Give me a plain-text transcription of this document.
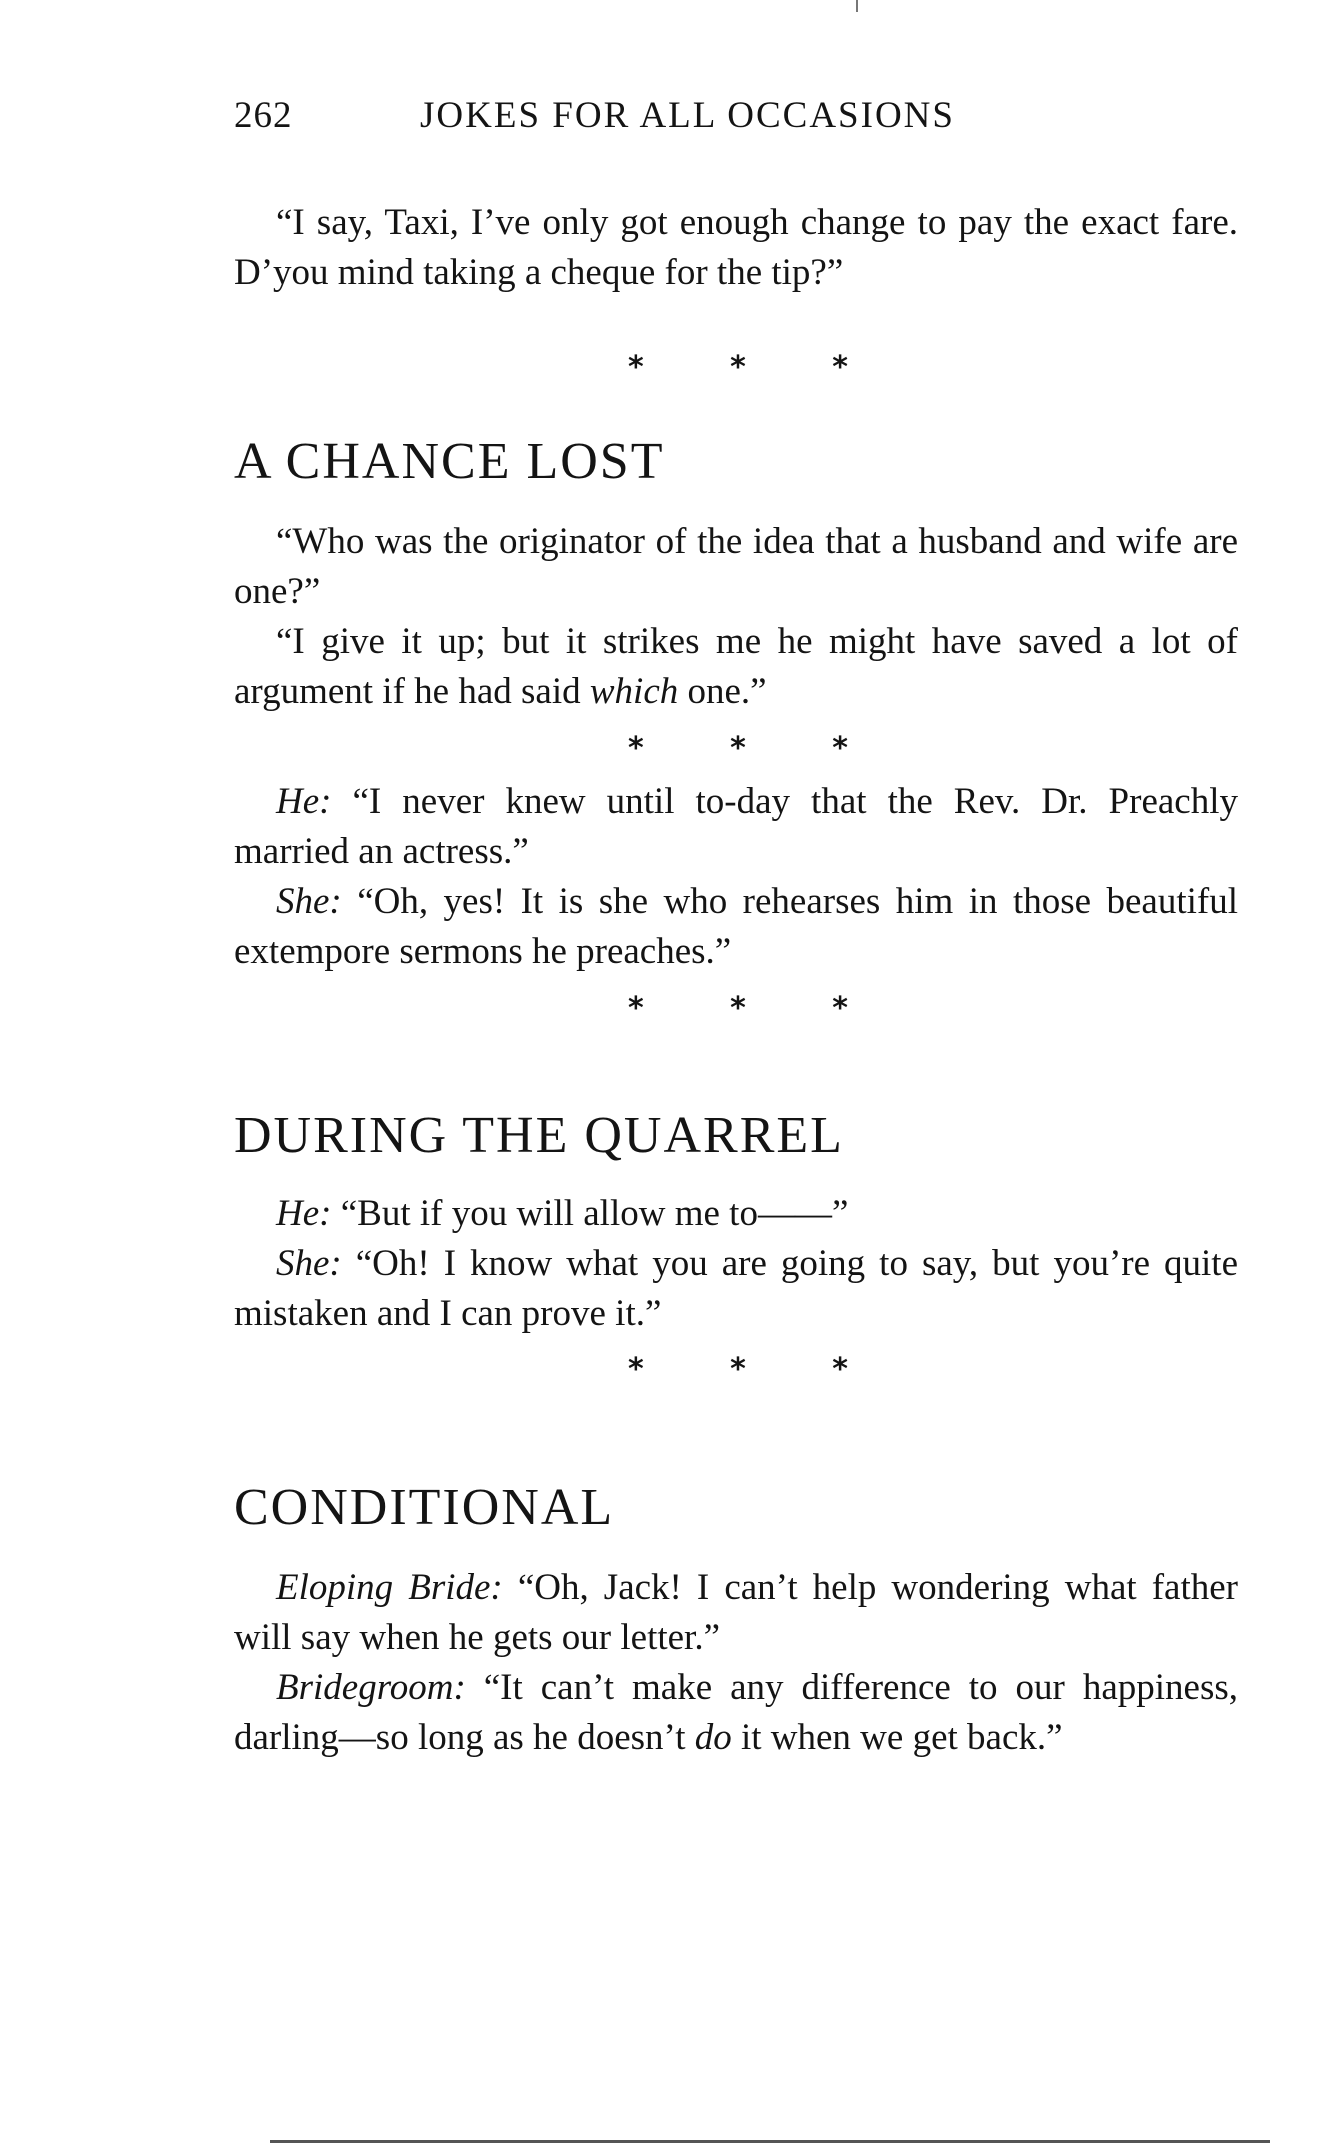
262	JOKES FOR ALL OCCASIONS

“I say, Taxi, I’ve only got enough change to pay the exact fare. D’you mind taking a cheque for the tip?”

*	*	*
A CHANCE LOST

“Who was the originator of the idea that a husband and wife are one?”

“I give it up; but it strikes me he might have saved a lot of argument if he had said which one.”

*	*	*

He: “I never knew until to-day that the Rev. Dr. Preachly married an actress.”

She: “Oh, yes! It is she who rehearses him in those beautiful extempore sermons he preaches.”

*	*	*
DURING THE QUARREL

He: “But if you will allow me to——”

She: “Oh! I know what you are going to say, but you’re quite mistaken and I can prove it.”

*	*	*
CONDITIONAL

Eloping Bride: “Oh, Jack! I can’t help wondering what father will say when he gets our letter.”

Bridegroom: “It can’t make any difference to our happiness, darling—so long as he doesn’t do it when we get back.”
